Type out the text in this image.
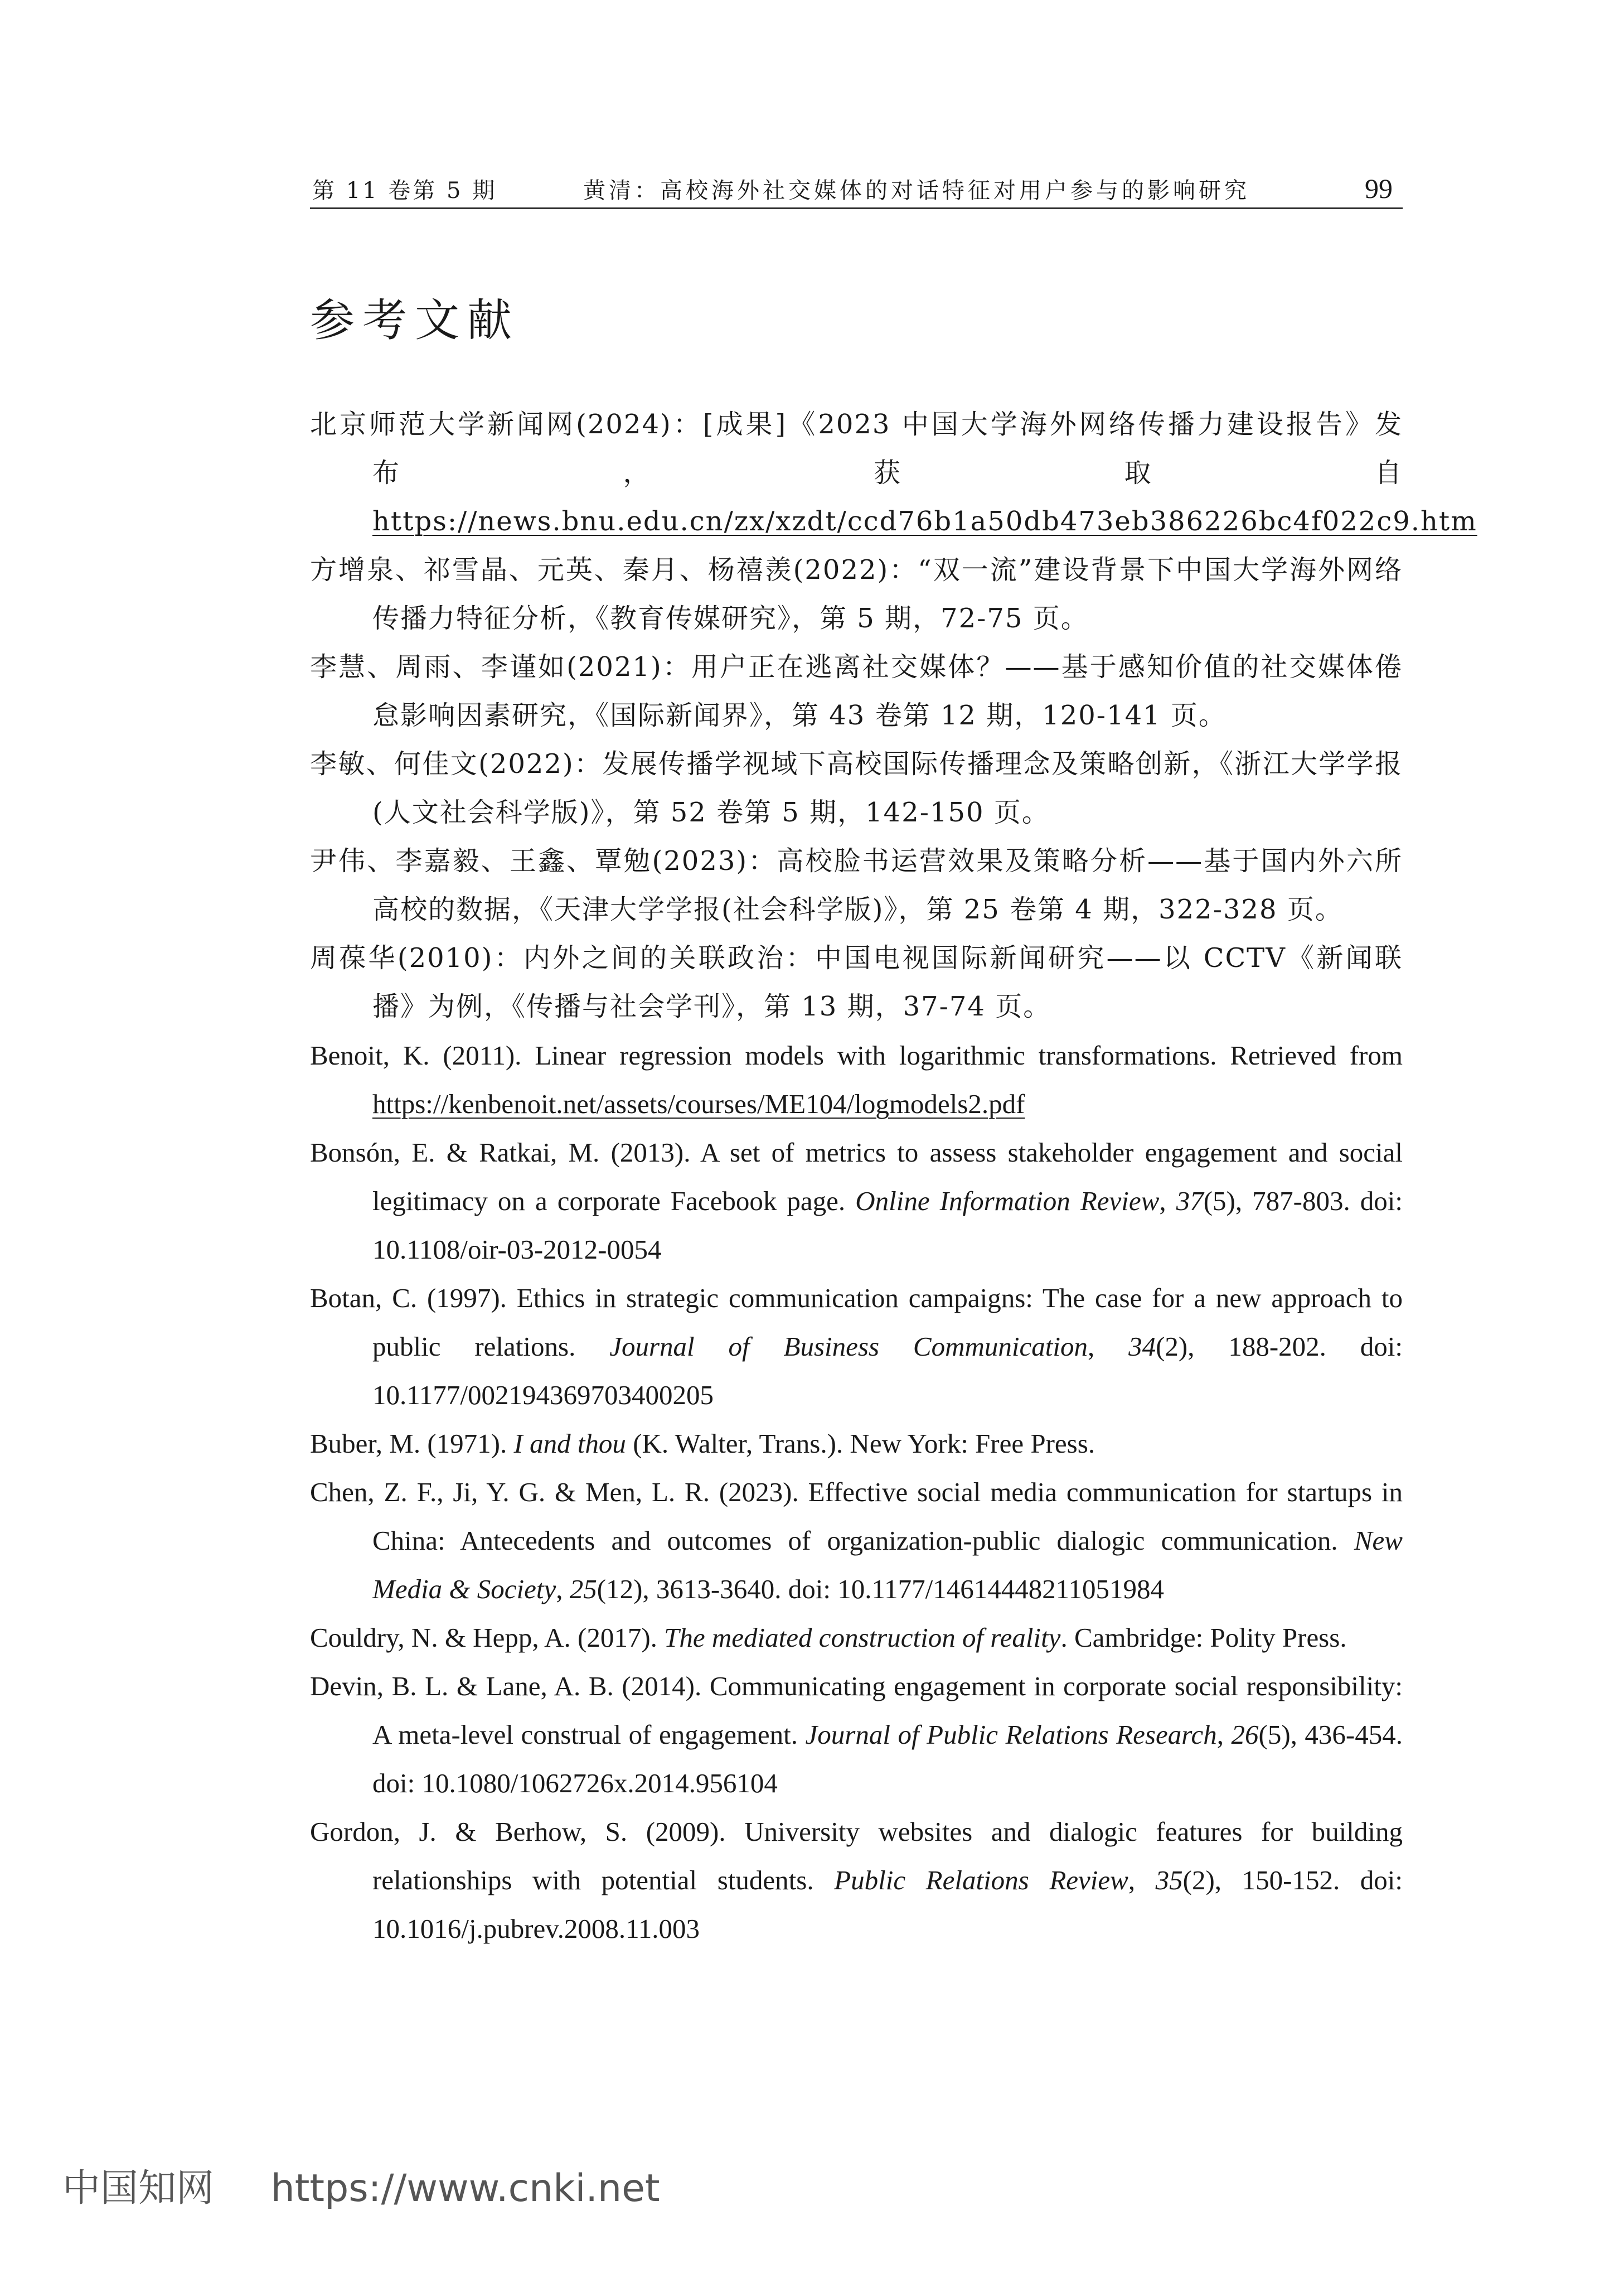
第 11 卷第 5 期	黄清：高校海外社交媒体的对话特征对用户参与的影响研究	99
参考文献

北京师范大学新闻网(2024)：[成果]《2023 中国大学海外网络传播力建设报告》发布，获取自 https://news.bnu.edu.cn/zx/xzdt/ccd76b1a50db473eb386226bc4f022c9.htm

方增泉、祁雪晶、元英、秦月、杨禧羡(2022)：“双一流”建设背景下中国大学海外网络传播力特征分析，《教育传媒研究》，第 5 期，72-75 页。

李慧、周雨、李谨如(2021)：用户正在逃离社交媒体？——基于感知价值的社交媒体倦怠影响因素研究，《国际新闻界》，第 43 卷第 12 期，120-141 页。

李敏、何佳文(2022)：发展传播学视域下高校国际传播理念及策略创新，《浙江大学学报(人文社会科学版)》，第 52 卷第 5 期，142-150 页。

尹伟、李嘉毅、王鑫、覃勉(2023)：高校脸书运营效果及策略分析——基于国内外六所高校的数据，《天津大学学报(社会科学版)》，第 25 卷第 4 期，322-328 页。

周葆华(2010)：内外之间的关联政治：中国电视国际新闻研究——以 CCTV《新闻联播》为例，《传播与社会学刊》，第 13 期，37-74 页。

Benoit, K. (2011). Linear regression models with logarithmic transformations. Retrieved from https://kenbenoit.net/assets/courses/ME104/logmodels2.pdf

Bonsón, E. & Ratkai, M. (2013). A set of metrics to assess stakeholder engagement and social legitimacy on a corporate Facebook page. Online Information Review, 37(5), 787-803. doi: 10.1108/oir-03-2012-0054

Botan, C. (1997). Ethics in strategic communication campaigns: The case for a new approach to public relations. Journal of Business Communication, 34(2), 188-202. doi: 10.1177/002194369703400205

Buber, M. (1971). I and thou (K. Walter, Trans.). New York: Free Press.

Chen, Z. F., Ji, Y. G. & Men, L. R. (2023). Effective social media communication for startups in China: Antecedents and outcomes of organization-public dialogic communication. New Media & Society, 25(12), 3613-3640. doi: 10.1177/14614448211051984

Couldry, N. & Hepp, A. (2017). The mediated construction of reality. Cambridge: Polity Press.

Devin, B. L. & Lane, A. B. (2014). Communicating engagement in corporate social responsibility: A meta-level construal of engagement. Journal of Public Relations Research, 26(5), 436-454. doi: 10.1080/1062726x.2014.956104

Gordon, J. & Berhow, S. (2009). University websites and dialogic features for building relationships with potential students. Public Relations Review, 35(2), 150-152. doi: 10.1016/j.pubrev.2008.11.003

中国知网 https://www.cnki.net
